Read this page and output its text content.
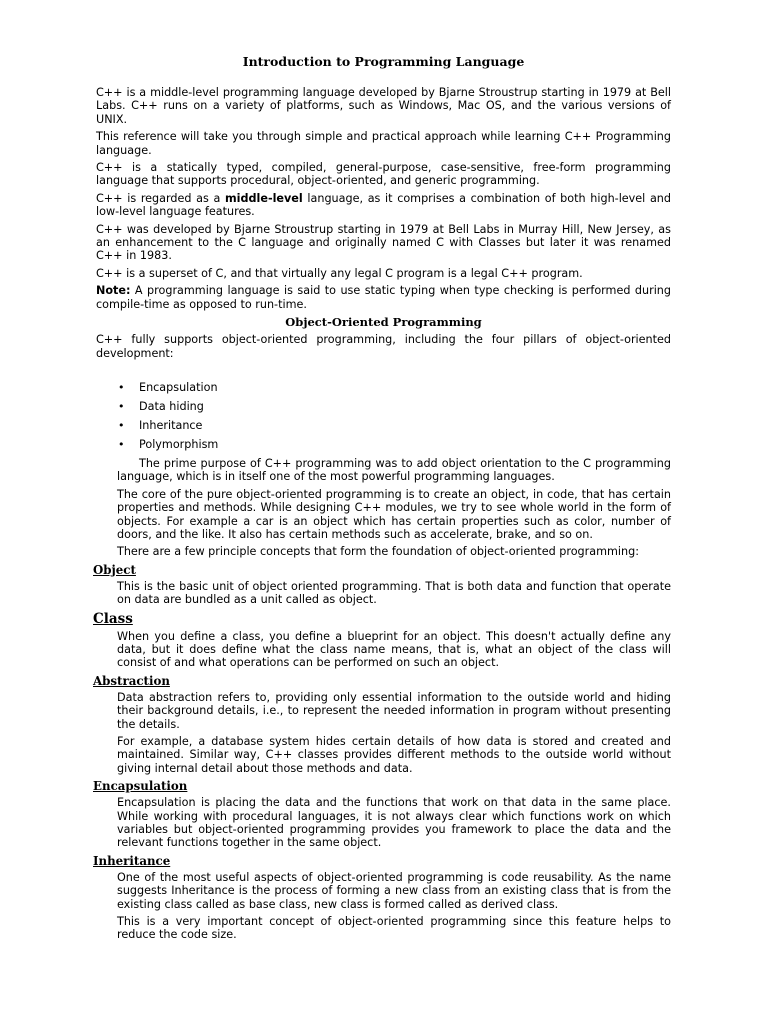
Introduction to Programming Language

C++ is a middle-level programming language developed by Bjarne Stroustrup starting in 1979 at Bell Labs. C++ runs on a variety of platforms, such as Windows, Mac OS, and the various versions of UNIX.

This reference will take you through simple and practical approach while learning C++ Programming language.

C++ is a statically typed, compiled, general-purpose, case-sensitive, free-form programming language that supports procedural, object-oriented, and generic programming.

C++ is regarded as a middle-level language, as it comprises a combination of both high-level and low-level language features.

C++ was developed by Bjarne Stroustrup starting in 1979 at Bell Labs in Murray Hill, New Jersey, as an enhancement to the C language and originally named C with Classes but later it was renamed C++ in 1983.

C++ is a superset of C, and that virtually any legal C program is a legal C++ program.

Note: A programming language is said to use static typing when type checking is performed during compile-time as opposed to run-time.

Object-Oriented Programming

C++ fully supports object-oriented programming, including the four pillars of object-oriented development:

• Encapsulation
• Data hiding
• Inheritance
• Polymorphism

The prime purpose of C++ programming was to add object orientation to the C programming language, which is in itself one of the most powerful programming languages.

The core of the pure object-oriented programming is to create an object, in code, that has certain properties and methods. While designing C++ modules, we try to see whole world in the form of objects. For example a car is an object which has certain properties such as color, number of doors, and the like. It also has certain methods such as accelerate, brake, and so on.

There are a few principle concepts that form the foundation of object-oriented programming:

Object

This is the basic unit of object oriented programming. That is both data and function that operate on data are bundled as a unit called as object.

Class

When you define a class, you define a blueprint for an object. This doesn't actually define any data, but it does define what the class name means, that is, what an object of the class will consist of and what operations can be performed on such an object.

Abstraction

Data abstraction refers to, providing only essential information to the outside world and hiding their background details, i.e., to represent the needed information in program without presenting the details.

For example, a database system hides certain details of how data is stored and created and maintained. Similar way, C++ classes provides different methods to the outside world without giving internal detail about those methods and data.

Encapsulation

Encapsulation is placing the data and the functions that work on that data in the same place. While working with procedural languages, it is not always clear which functions work on which variables but object-oriented programming provides you framework to place the data and the relevant functions together in the same object.

Inheritance

One of the most useful aspects of object-oriented programming is code reusability. As the name suggests Inheritance is the process of forming a new class from an existing class that is from the existing class called as base class, new class is formed called as derived class.

This is a very important concept of object-oriented programming since this feature helps to reduce the code size.
